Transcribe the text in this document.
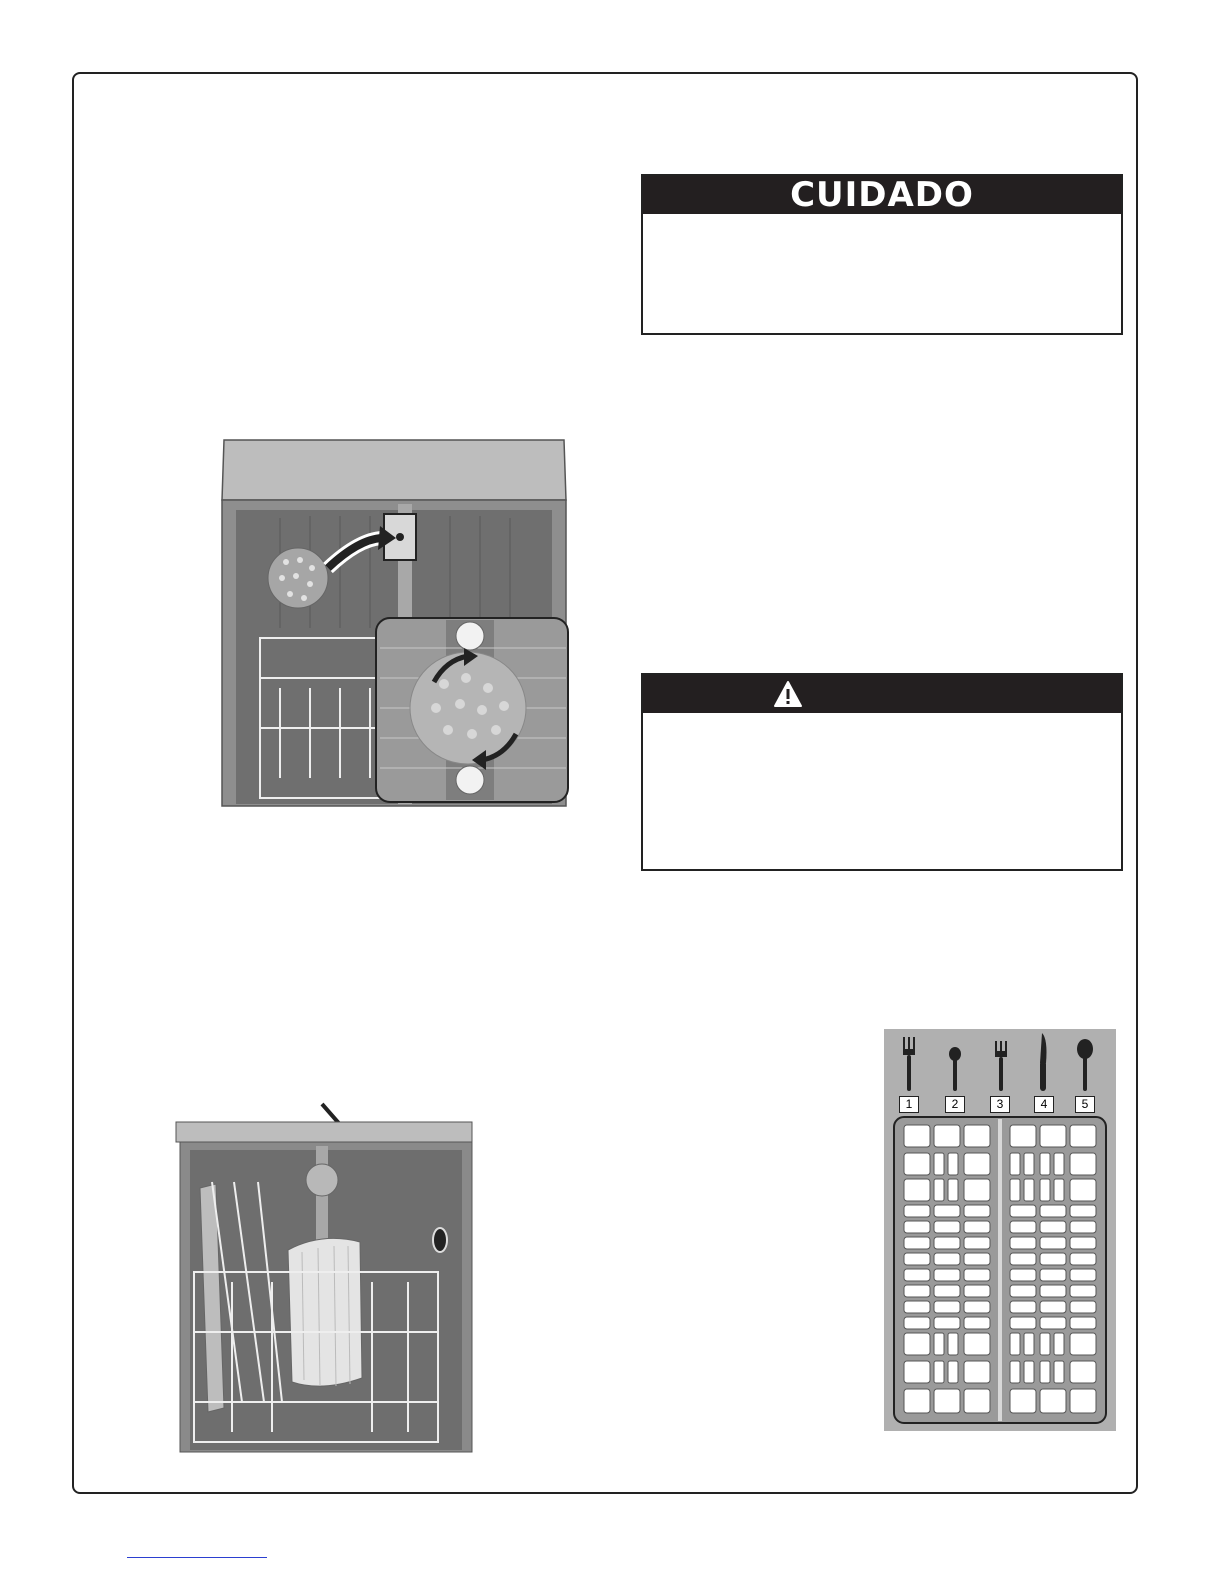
CUIDADO
1	2	3	4	5
